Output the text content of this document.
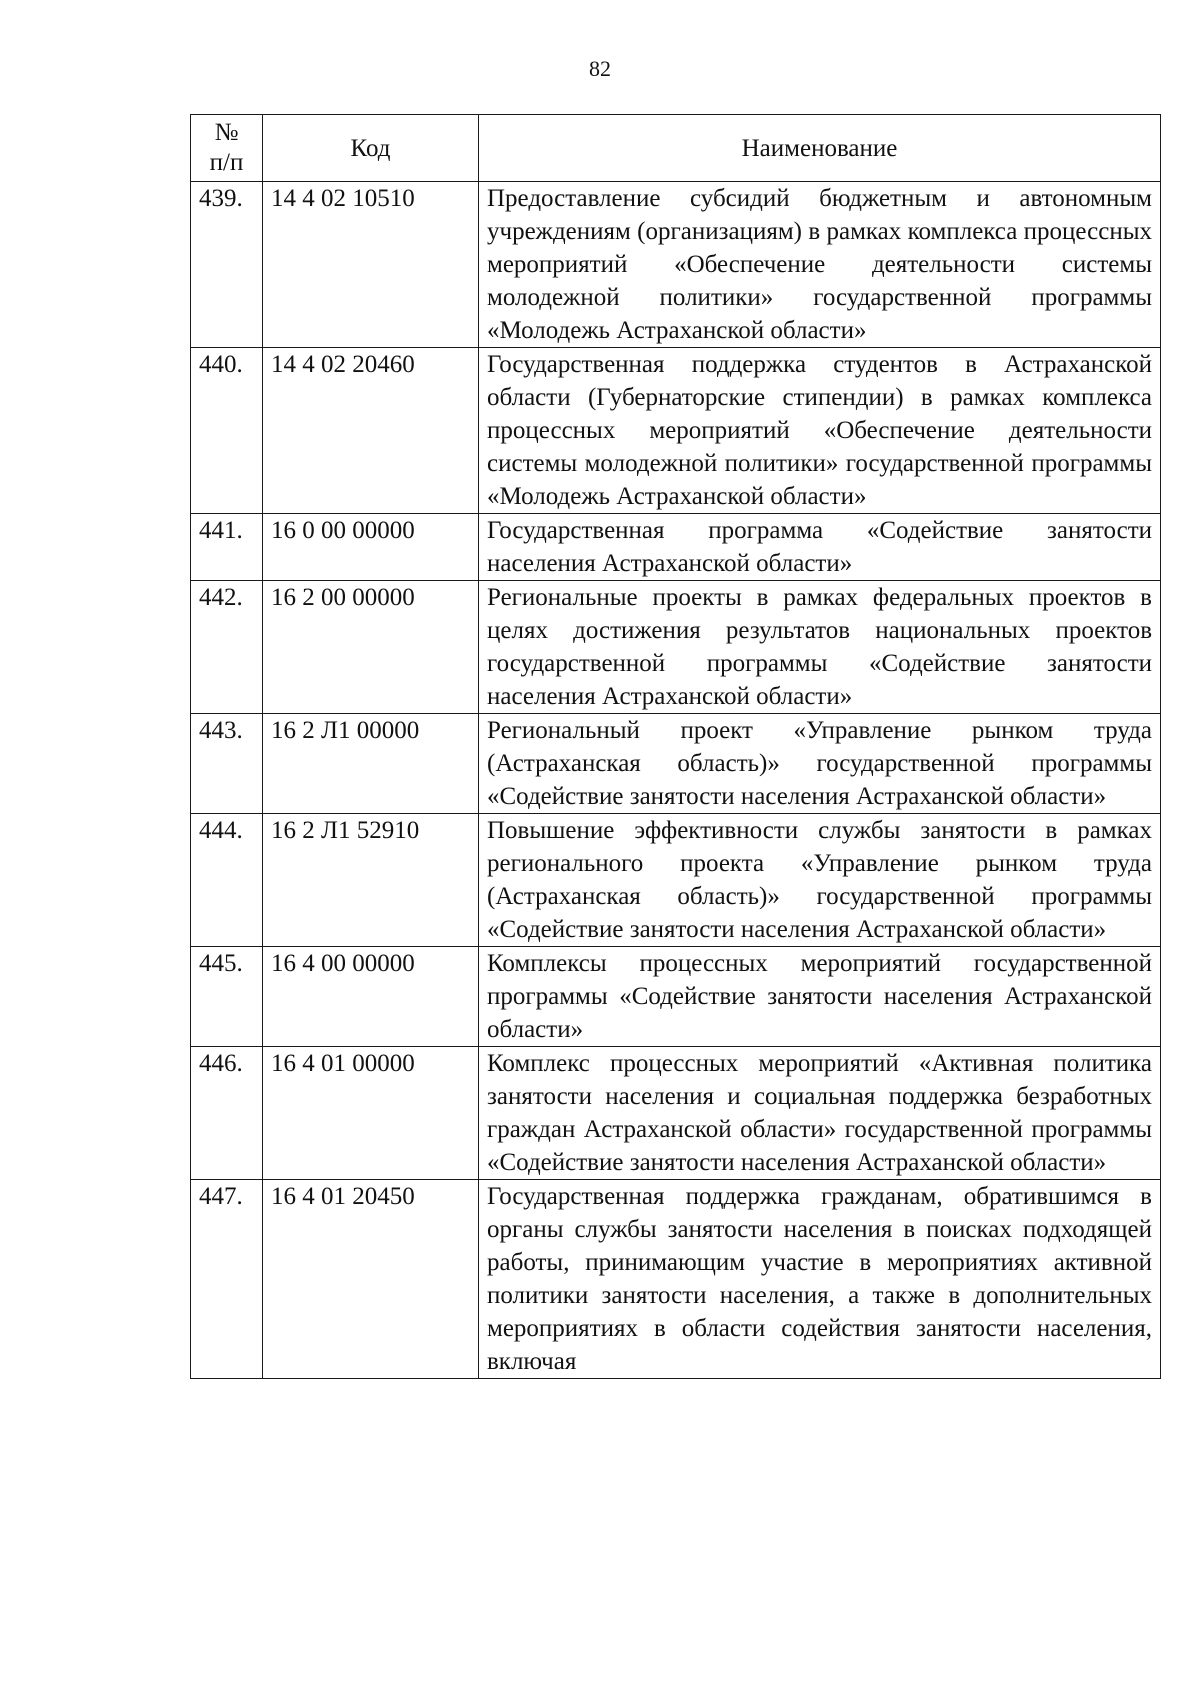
82
№
п/п	Код	Наименование
439.	14 4 02 10510	Предоставление субсидий бюджетным и автономным учреждениям (организациям) в рамках комплекса процессных мероприятий «Обеспечение деятельности системы молодежной политики» государственной программы «Молодежь Астраханской области»
440.	14 4 02 20460	Государственная поддержка студентов в Астраханской области (Губернаторские стипендии) в рамках комплекса процессных мероприятий «Обеспечение деятельности системы молодежной политики» государственной программы «Молодежь Астраханской области»
441.	16 0 00 00000	Государственная программа «Содействие занятости населения Астраханской области»
442.	16 2 00 00000	Региональные проекты в рамках федеральных проектов в целях достижения результатов национальных проектов государственной программы «Содействие занятости населения Астраханской области»
443.	16 2 Л1 00000	Региональный проект «Управление рынком труда (Астраханская область)» государственной программы «Содействие занятости населения Астраханской области»
444.	16 2 Л1 52910	Повышение эффективности службы занятости в рамках регионального проекта «Управление рынком труда (Астраханская область)» государственной программы «Содействие занятости населения Астраханской области»
445.	16 4 00 00000	Комплексы процессных мероприятий государственной программы «Содействие занятости населения Астраханской области»
446.	16 4 01 00000	Комплекс процессных мероприятий «Активная политика занятости населения и социальная поддержка безработных граждан Астраханской области» государственной программы «Содействие занятости населения Астраханской области»
447.	16 4 01 20450	Государственная поддержка гражданам, обратившимся в органы службы занятости населения в поисках подходящей работы, принимающим участие в мероприятиях активной политики занятости населения, а также в дополнительных мероприятиях в области содействия занятости населения, включая
